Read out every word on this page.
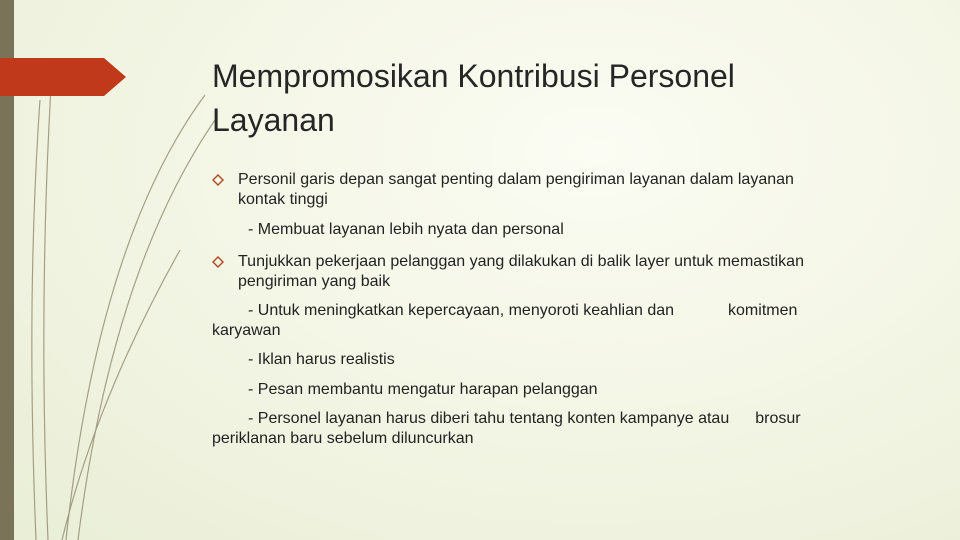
Mempromosikan Kontribusi Personel
Layanan
Personil garis depan sangat penting dalam pengiriman layanan dalam layanan
kontak tinggi
- Membuat layanan lebih nyata dan personal
Tunjukkan pekerjaan pelanggan yang dilakukan di balik layer untuk memastikan
pengiriman yang baik
- Untuk meningkatkan kepercayaan, menyoroti keahlian dan	komitmen
karyawan
- Iklan harus realistis
- Pesan membantu mengatur harapan pelanggan
- Personel layanan harus diberi tahu tentang konten kampanye atau brosur
periklanan baru sebelum diluncurkan
